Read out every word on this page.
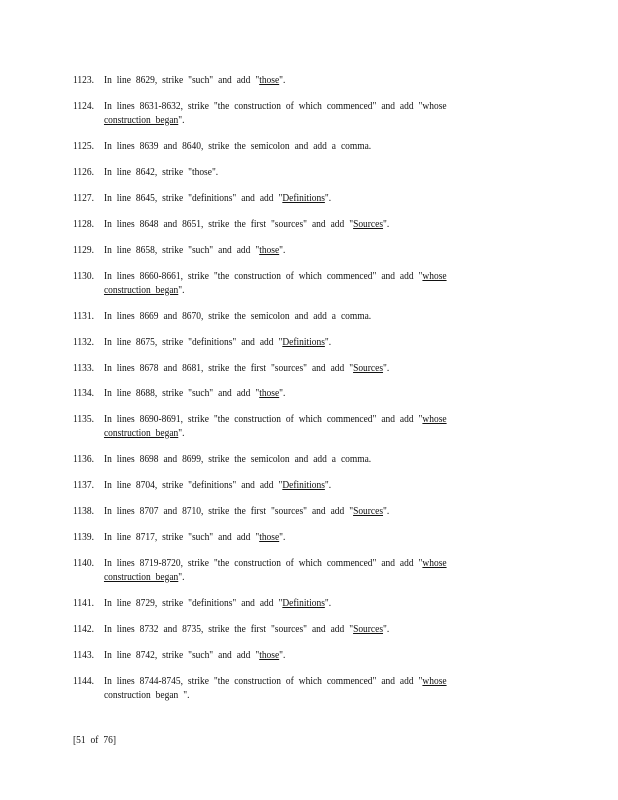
1123. In line 8629, strike "such" and add "those".
1124. In lines 8631-8632, strike "the construction of which commenced" and add "whose
construction began".
1125. In lines 8639 and 8640, strike the semicolon and add a comma.
1126. In line 8642, strike "those".
1127. In line 8645, strike "definitions" and add "Definitions".
1128. In lines 8648 and 8651, strike the first "sources" and add "Sources".
1129. In line 8658, strike "such" and add "those".
1130. In lines 8660-8661, strike "the construction of which commenced" and add "whose
construction began".
1131. In lines 8669 and 8670, strike the semicolon and add a comma.
1132. In line 8675, strike "definitions" and add "Definitions".
1133. In lines 8678 and 8681, strike the first "sources" and add "Sources".
1134. In line 8688, strike "such" and add "those".
1135. In lines 8690-8691, strike "the construction of which commenced" and add "whose
construction began".
1136. In lines 8698 and 8699, strike the semicolon and add a comma.
1137. In line 8704, strike "definitions" and add "Definitions".
1138. In lines 8707 and 8710, strike the first "sources" and add "Sources".
1139. In line 8717, strike "such" and add "those".
1140. In lines 8719-8720, strike "the construction of which commenced" and add "whose
construction began".
1141. In line 8729, strike "definitions" and add "Definitions".
1142. In lines 8732 and 8735, strike the first "sources" and add "Sources".
1143. In line 8742, strike "such" and add "those".
1144. In lines 8744-8745, strike "the construction of which commenced" and add "whose
construction began ".
[51 of 76]
